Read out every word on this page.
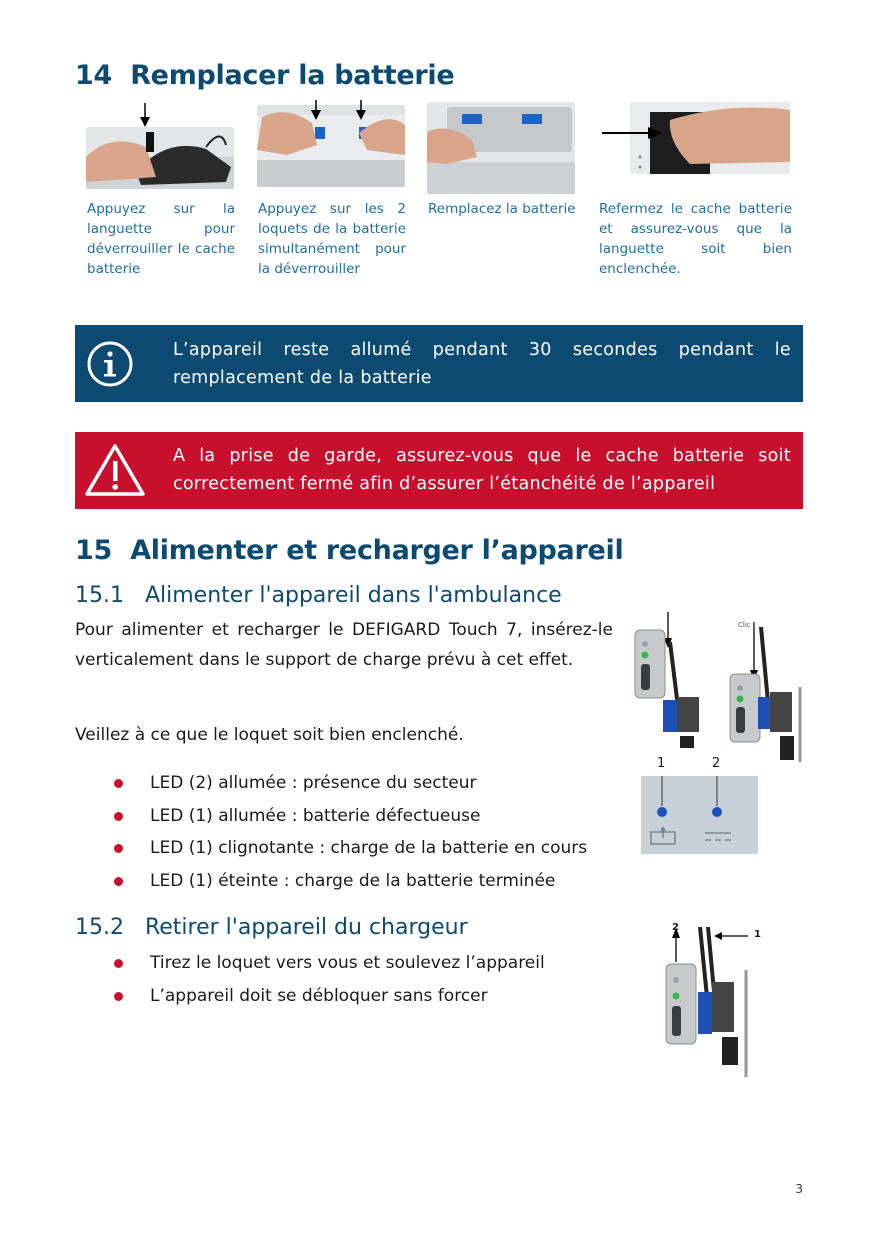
14 Remplacer la batterie
Appuyez sur la languette pour déverrouiller le cache batterie
Appuyez sur les 2 loquets de la batterie simultanément pour la déverrouiller
Remplacez la batterie	Refermez le cache batterie et assurez-vous que la languette soit bien enclenchée.
L’appareil reste allumé pendant 30 secondes pendant le remplacement de la batterie
A la prise de garde, assurez-vous que le cache batterie soit correctement fermé afin d’assurer l’étanchéité de l’appareil
15 Alimenter et recharger l’appareil
15.1 Alimenter l'appareil dans l'ambulance
Pour alimenter et recharger le DEFIGARD Touch 7, insérez-le verticalement dans le support de charge prévu à cet effet.
Veillez à ce que le loquet soit bien enclenché.
LED (2) allumée : présence du secteur
LED (1) allumée : batterie défectueuse
LED (1) clignotante : charge de la batterie en cours
LED (1) éteinte : charge de la batterie terminée
Clic !
1	2
15.2 Retirer l'appareil du chargeur
Tirez le loquet vers vous et soulevez l’appareil
L’appareil doit se débloquer sans forcer
2
1
3
